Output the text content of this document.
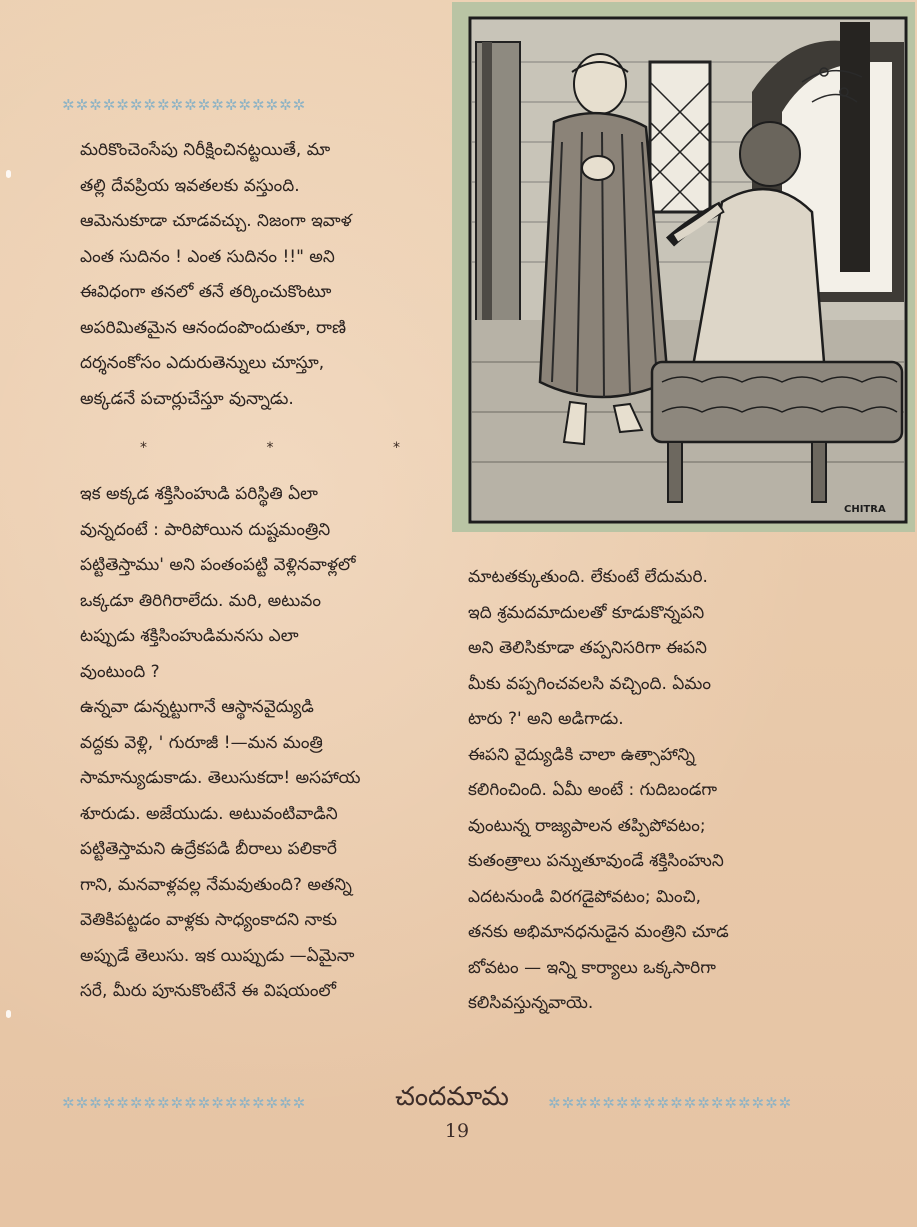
✲✲✲✲✲✲✲✲✲✲✲✲✲✲✲✲✲✲

మరికొంచెంసేపు నిరీక్షించినట్టయితే, మా

తల్లి దేవప్రియ ఇవతలకు వస్తుంది.

ఆమెనుకూడా చూడవచ్చు. నిజంగా ఇవాళ

ఎంత సుదినం ! ఎంత సుదినం !!" అని

ఈవిధంగా తనలో తనే తర్కించుకొంటూ

అపరిమితమైన ఆనందంపొందుతూ, రాణి

దర్శనంకోసం ఎదురుతెన్నులు చూస్తూ,

అక్కడనే పచార్లుచేస్తూ వున్నాడు.

*	*	*

ఇక అక్కడ శక్తిసింహుడి పరిస్థితి ఏలా

వున్నదంటే : పారిపోయిన దుష్టమంత్రిని

పట్టితెస్తాము' అని పంతంపట్టి వెళ్లినవాళ్లలో

ఒక్కడూ తిరిగిరాలేదు. మరి, అటువం

టప్పుడు శక్తిసింహుడిమనసు ఎలా

వుంటుంది ?

ఉన్నవా డున్నట్టుగానే ఆస్థానవైద్యుడి

వద్దకు వెళ్లి, ' గురూజీ !—మన మంత్రి

సామాన్యుడుకాడు. తెలుసుకదా! అసహాయ

శూరుడు. అజేయుడు. అటువంటివాడిని

పట్టితెస్తామని ఉద్రేకపడి బీరాలు పలికారే

గాని, మనవాళ్లవల్ల నేమవుతుంది? అతన్ని

వెతికిపట్టడం వాళ్లకు సాధ్యంకాదని నాకు

అప్పుడే తెలుసు. ఇక యిప్పుడు —ఏమైనా

సరే, మీరు పూనుకొంటేనే ఈ విషయంలో

CHITRA

మాటతక్కుతుంది. లేకుంటే లేదుమరి.

ఇది శ్రమదమాదులతో కూడుకొన్నపని

అని తెలిసికూడా తప్పనిసరిగా ఈపని

మీకు వప్పగించవలసి వచ్చింది. ఏమం

టారు ?' అని అడిగాడు.

ఈపని వైద్యుడికి చాలా ఉత్సాహాన్ని

కలిగించింది. ఏమీ అంటే : గుదిబండగా

వుంటున్న రాజ్యపాలన తప్పిపోవటం;

కుతంత్రాలు పన్నుతూవుండే శక్తిసింహుని

ఎదటనుండి విరగడైపోవటం; మించి,

తనకు అభిమానధనుడైన మంత్రిని చూడ

బోవటం — ఇన్ని కార్యాలు ఒక్కసారిగా

కలిసివస్తున్నవాయె.

✲✲✲✲✲✲✲✲✲✲✲✲✲✲✲✲✲✲	చందమామ	✲✲✲✲✲✲✲✲✲✲✲✲✲✲✲✲✲✲
19
